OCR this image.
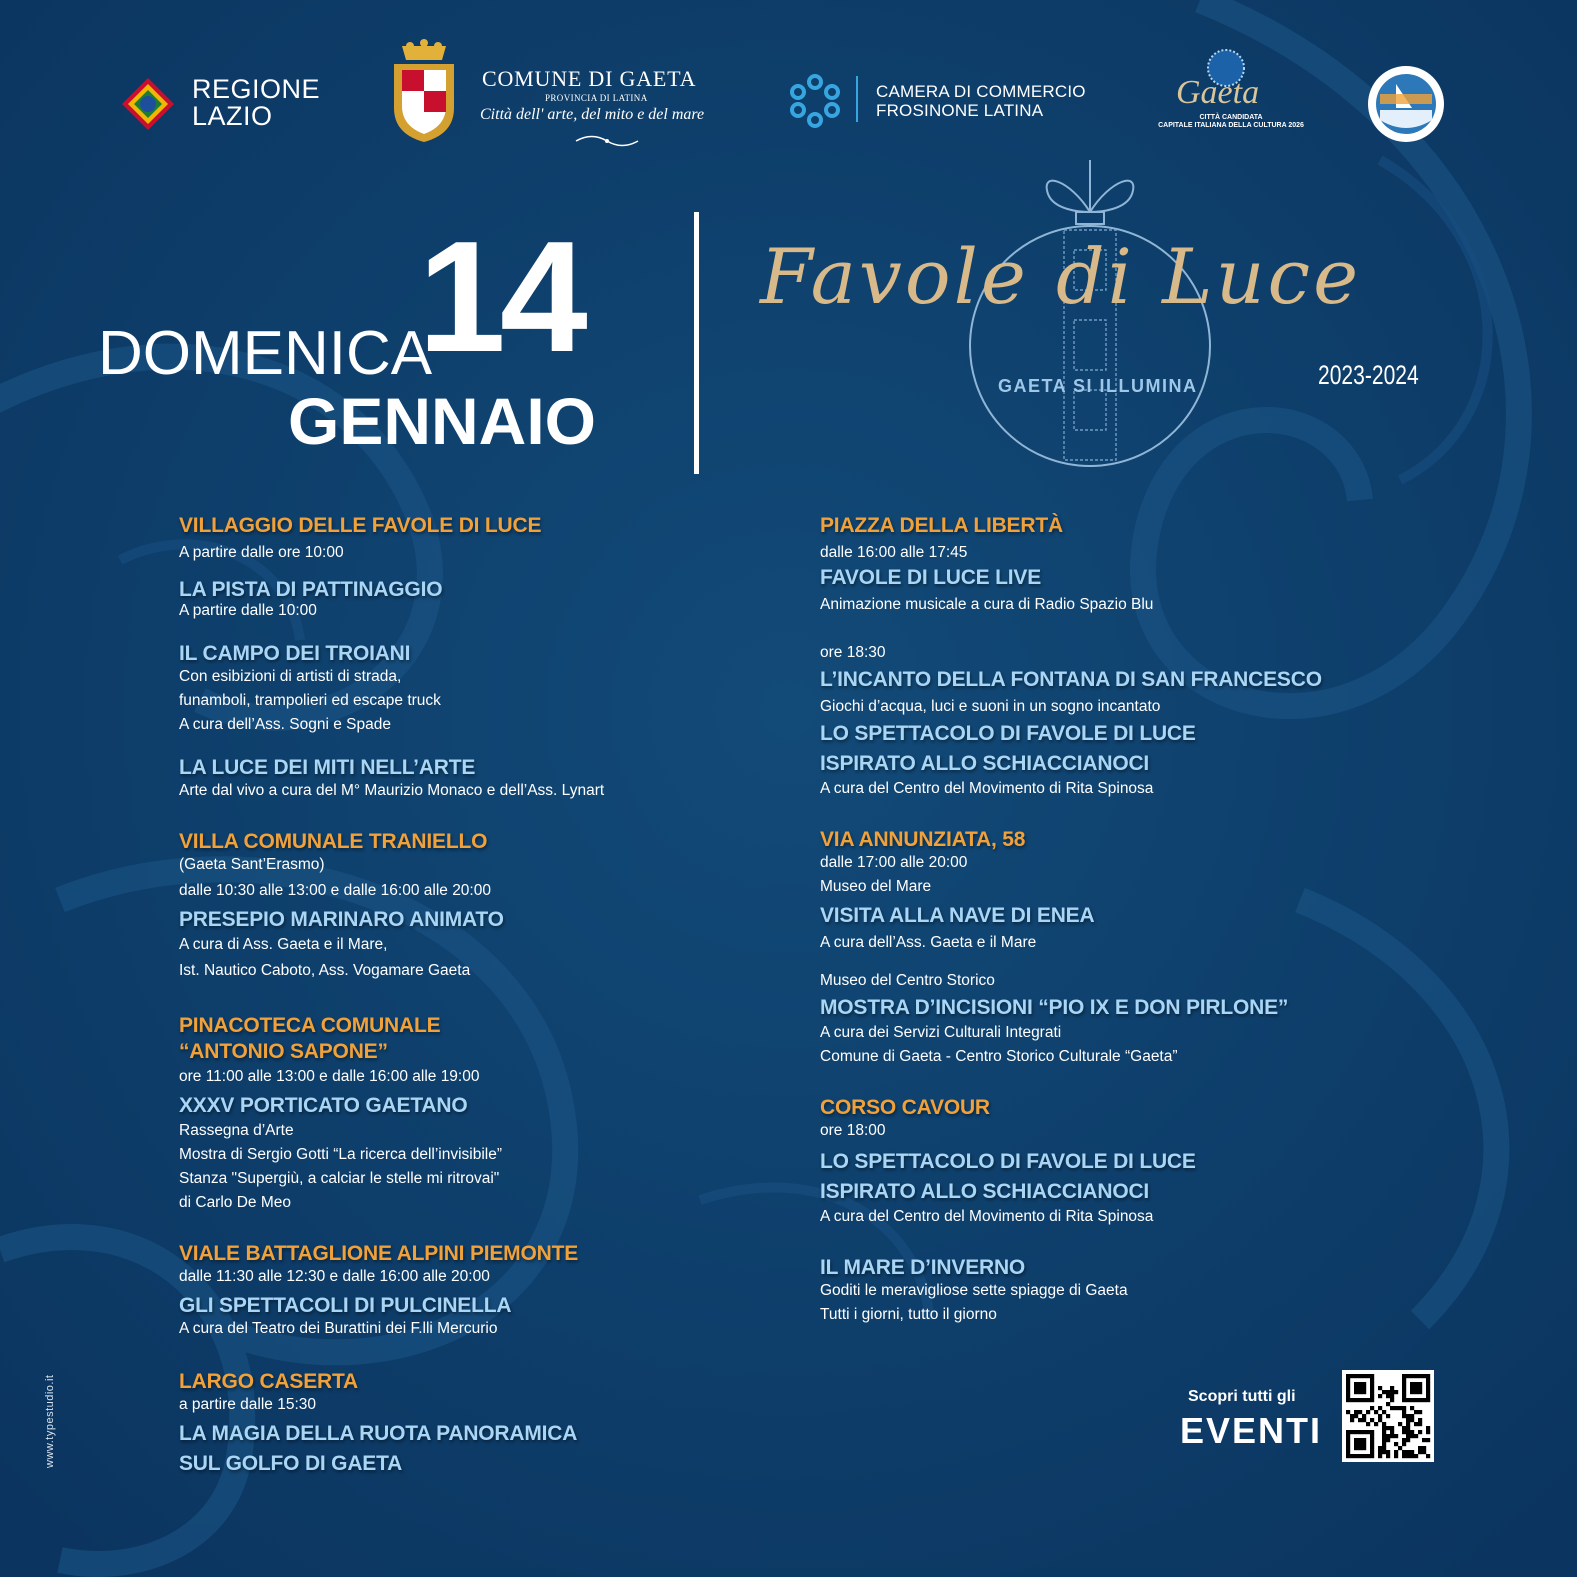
REGIONE
LAZIO
COMUNE DI GAETA
PROVINCIA DI LATINA
Città dell' arte, del mito e del mare
CAMERA DI COMMERCIO
FROSINONE LATINA	Gaeta
CITTÀ CANDIDATA
CAPITALE ITALIANA DELLA CULTURA 2026
DOMENICA
14
GENNAIO
Favole di Luce
GAETA SI ILLUMINA	2023-2024
VILLAGGIO DELLE FAVOLE DI LUCE
A partire dalle ore 10:00
LA PISTA DI PATTINAGGIO
A partire dalle 10:00
IL CAMPO DEI TROIANI
Con esibizioni di artisti di strada,
funamboli, trampolieri ed escape truck
A cura dell’Ass. Sogni e Spade
LA LUCE DEI MITI NELL’ARTE
Arte dal vivo a cura del M° Maurizio Monaco e dell’Ass. Lynart
VILLA COMUNALE TRANIELLO
(Gaeta Sant’Erasmo)
dalle 10:30 alle 13:00 e dalle 16:00 alle 20:00
PRESEPIO MARINARO ANIMATO
A cura di Ass. Gaeta e il Mare,
Ist. Nautico Caboto, Ass. Vogamare Gaeta
PINACOTECA COMUNALE
“ANTONIO SAPONE”
ore 11:00 alle 13:00 e dalle 16:00 alle 19:00
XXXV PORTICATO GAETANO
Rassegna d’Arte
Mostra di Sergio Gotti “La ricerca dell’invisibile”
Stanza "Supergiù, a calciar le stelle mi ritrovai"
di Carlo De Meo
VIALE BATTAGLIONE ALPINI PIEMONTE
dalle 11:30 alle 12:30 e dalle 16:00 alle 20:00
GLI SPETTACOLI DI PULCINELLA
A cura del Teatro dei Burattini dei F.lli Mercurio
LARGO CASERTA
a partire dalle 15:30
LA MAGIA DELLA RUOTA PANORAMICA
SUL GOLFO DI GAETA
PIAZZA DELLA LIBERTÀ
dalle 16:00 alle 17:45
FAVOLE DI LUCE LIVE
Animazione musicale a cura di Radio Spazio Blu
ore 18:30
L’INCANTO DELLA FONTANA DI SAN FRANCESCO
Giochi d’acqua, luci e suoni in un sogno incantato
LO SPETTACOLO DI FAVOLE DI LUCE
ISPIRATO ALLO SCHIACCIANOCI
A cura del Centro del Movimento di Rita Spinosa
VIA ANNUNZIATA, 58
dalle 17:00 alle 20:00
Museo del Mare
VISITA ALLA NAVE DI ENEA
A cura dell’Ass. Gaeta e il Mare
Museo del Centro Storico
MOSTRA D’INCISIONI “PIO IX E DON PIRLONE”
A cura dei Servizi Culturali Integrati
Comune di Gaeta - Centro Storico Culturale “Gaeta”
CORSO CAVOUR
ore 18:00
LO SPETTACOLO DI FAVOLE DI LUCE
ISPIRATO ALLO SCHIACCIANOCI
A cura del Centro del Movimento di Rita Spinosa
IL MARE D’INVERNO
Goditi le meravigliose sette spiagge di Gaeta
Tutti i giorni, tutto il giorno
www.typestudio.it	Scopri tutti gli
EVENTI
